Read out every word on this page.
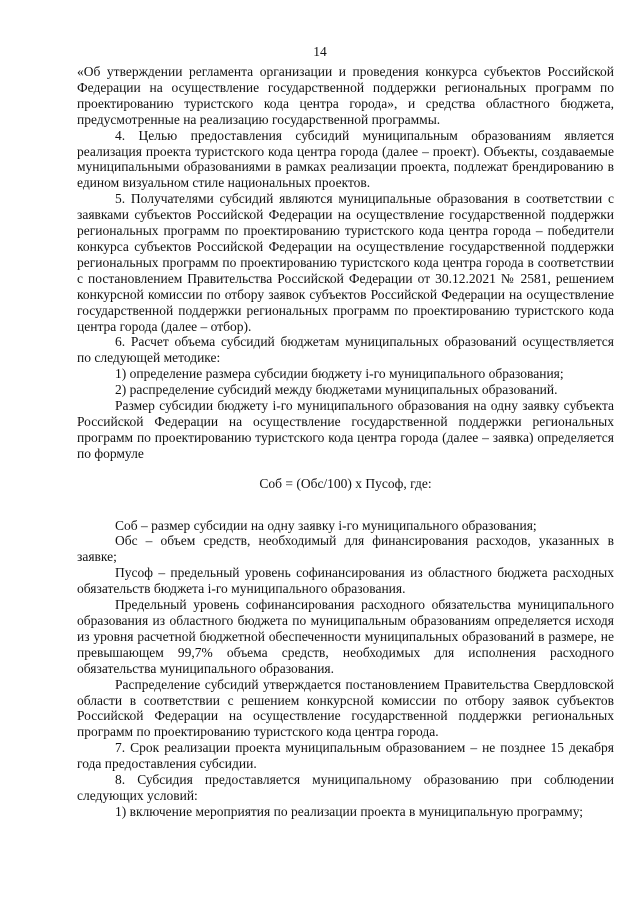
14

«Об утверждении регламента организации и проведения конкурса субъектов Российской Федерации на осуществление государственной поддержки региональных программ по проектированию туристского кода центра города», и средства областного бюджета, предусмотренные на реализацию государственной программы.

4. Целью предоставления субсидий муниципальным образованиям является реализация проекта туристского кода центра города (далее – проект). Объекты, создаваемые муниципальными образованиями в рамках реализации проекта, подлежат брендированию в едином визуальном стиле национальных проектов.

5. Получателями субсидий являются муниципальные образования в соответствии с заявками субъектов Российской Федерации на осуществление государственной поддержки региональных программ по проектированию туристского кода центра города – победители конкурса субъектов Российской Федерации на осуществление государственной поддержки региональных программ по проектированию туристского кода центра города в соответствии с постановлением Правительства Российской Федерации от 30.12.2021 № 2581, решением конкурсной комиссии по отбору заявок субъектов Российской Федерации на осуществление государственной поддержки региональных программ по проектированию туристского кода центра города (далее – отбор).

6. Расчет объема субсидий бюджетам муниципальных образований осуществляется по следующей методике:

1) определение размера субсидии бюджету i-го муниципального образования;

2) распределение субсидий между бюджетами муниципальных образований.

Размер субсидии бюджету i-го муниципального образования на одну заявку субъекта Российской Федерации на осуществление государственной поддержки региональных программ по проектированию туристского кода центра города (далее – заявка) определяется по формуле

Соб = (Обс/100) х Пусоф, где:

Соб – размер субсидии на одну заявку i-го муниципального образования;

Обс – объем средств, необходимый для финансирования расходов, указанных в заявке;

Пусоф – предельный уровень софинансирования из областного бюджета расходных обязательств бюджета i-го муниципального образования.

Предельный уровень софинансирования расходного обязательства муниципального образования из областного бюджета по муниципальным образованиям определяется исходя из уровня расчетной бюджетной обеспеченности муниципальных образований в размере, не превышающем 99,7% объема средств, необходимых для исполнения расходного обязательства муниципального образования.

Распределение субсидий утверждается постановлением Правительства Свердловской области в соответствии с решением конкурсной комиссии по отбору заявок субъектов Российской Федерации на осуществление государственной поддержки региональных программ по проектированию туристского кода центра города.

7. Срок реализации проекта муниципальным образованием – не позднее 15 декабря года предоставления субсидии.

8. Субсидия предоставляется муниципальному образованию при соблюдении следующих условий:

1) включение мероприятия по реализации проекта в муниципальную программу;
